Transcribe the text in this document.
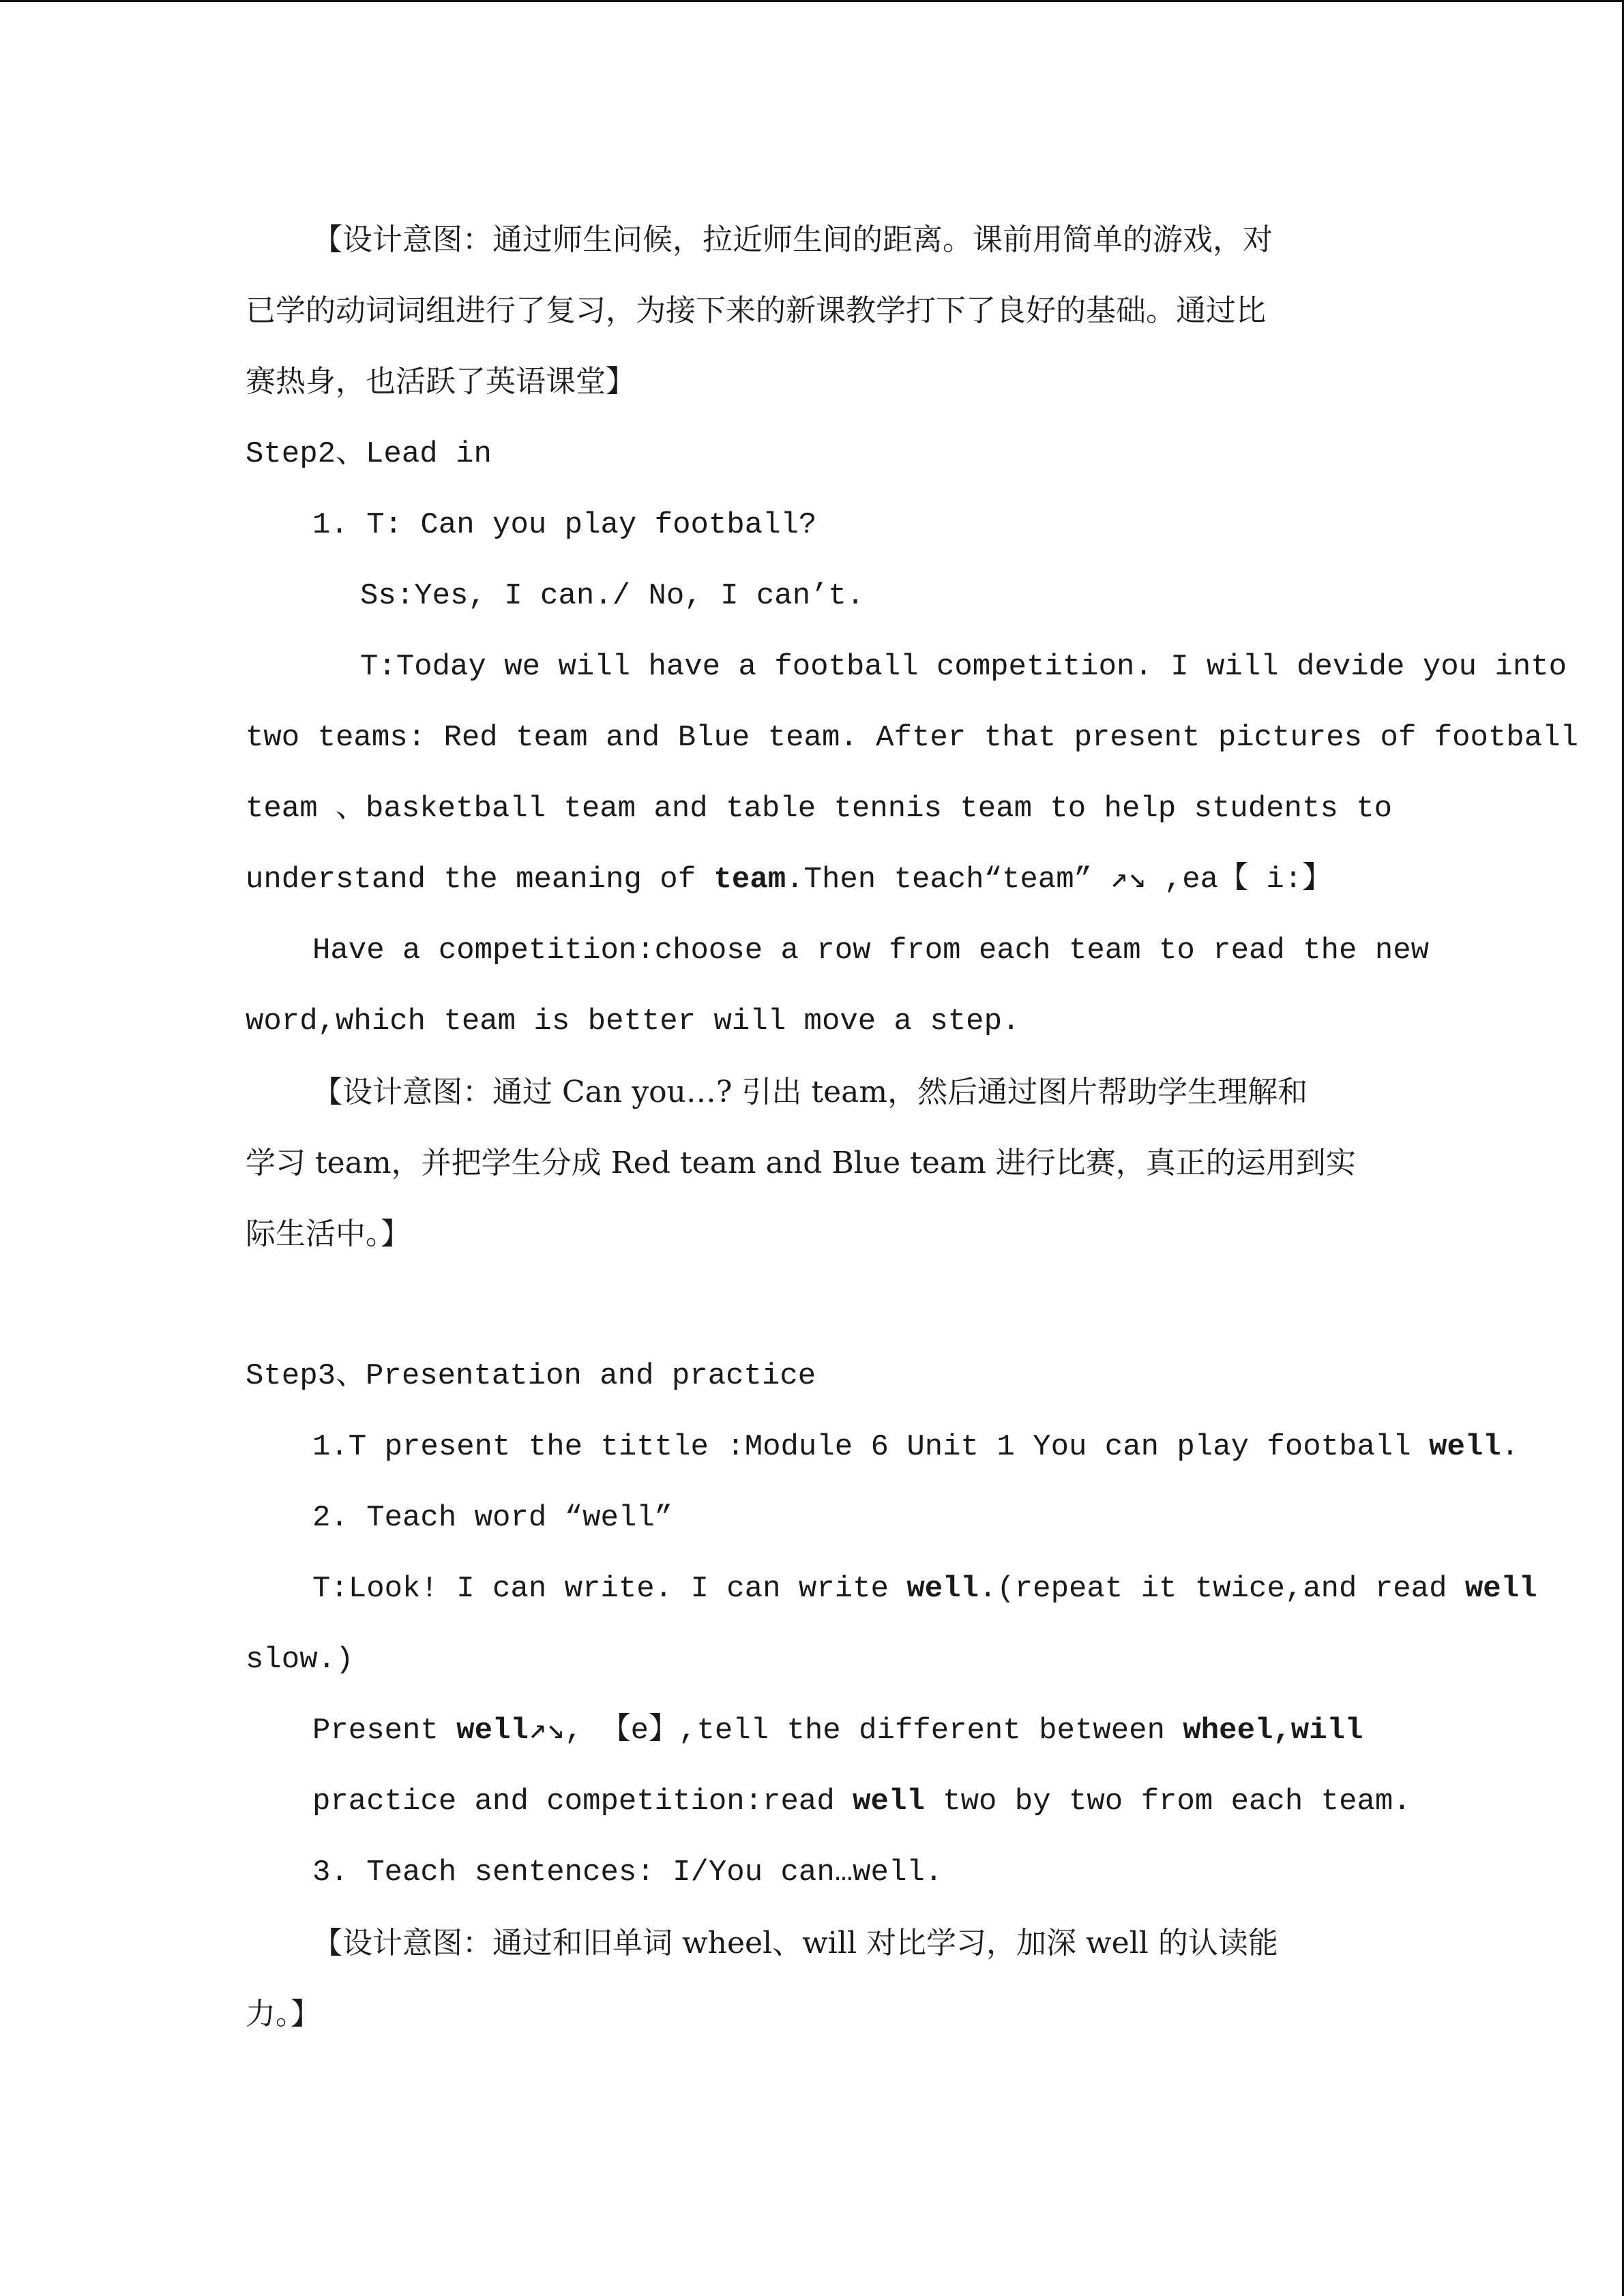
【设计意图：通过师生问候，拉近师生间的距离。课前用简单的游戏，对
已学的动词词组进行了复习，为接下来的新课教学打下了良好的基础。通过比
赛热身，也活跃了英语课堂】
Step2、Lead in
1. T: Can you play football?
Ss:Yes, I can./ No, I can’t.
T:Today we will have a football competition. I will devide you into
two teams: Red team and Blue team. After that present pictures of football
team 、basketball team and table tennis team to help students to
understand the meaning of team.Then teach“team” ↗↘ ,ea【 i:】
Have a competition:choose a row from each team to read the new
word,which team is better will move a step.
【设计意图：通过 Can you…? 引出 team，然后通过图片帮助学生理解和
学习 team，并把学生分成 Red team and Blue team 进行比赛，真正的运用到实
际生活中。】
Step3、Presentation and practice
1.T present the tittle :Module 6 Unit 1 You can play football well.
2. Teach word “well”
T:Look! I can write. I can write well.(repeat it twice,and read well
slow.)
Present well↗↘, 【e】,tell the different between wheel,will
practice and competition:read well two by two from each team.
3. Teach sentences: I/You can…well.
【设计意图：通过和旧单词 wheel、will 对比学习，加深 well 的认读能
力。】
